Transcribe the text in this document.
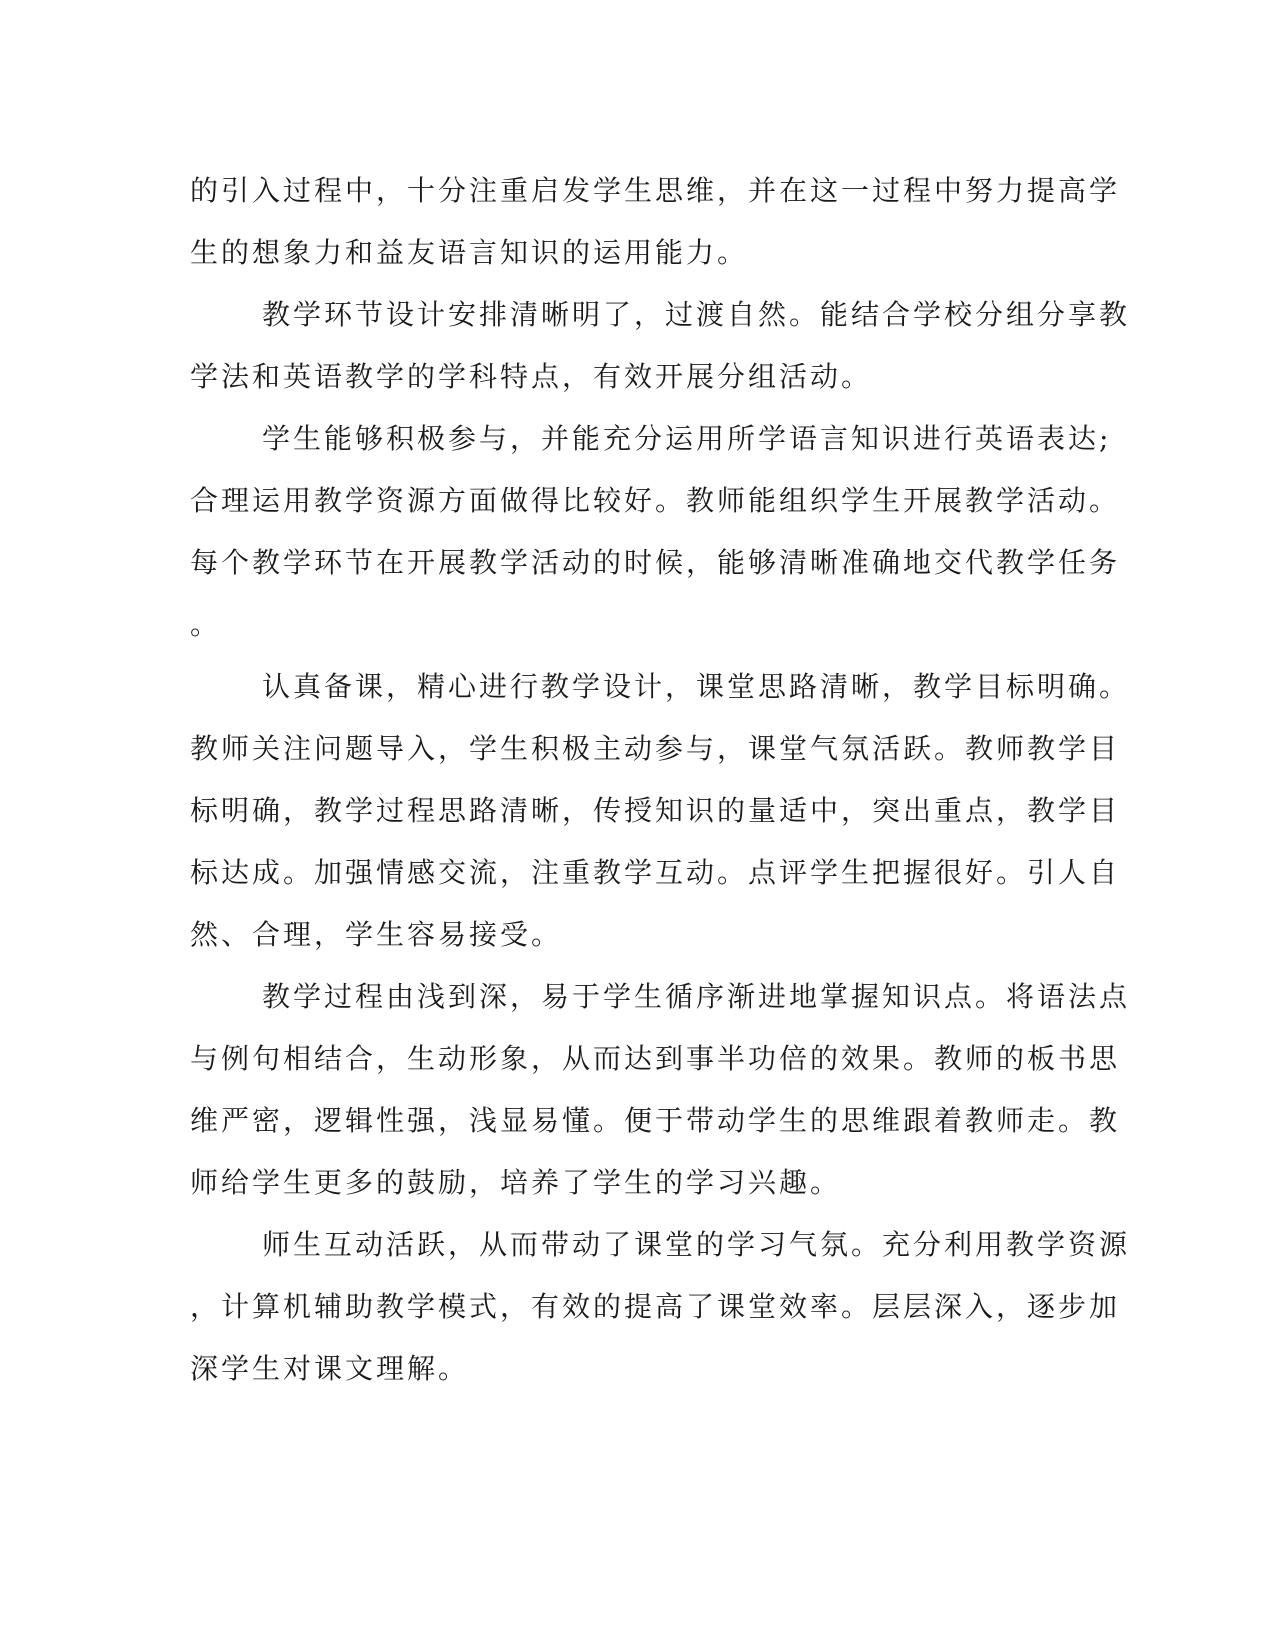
的引入过程中，十分注重启发学生思维，并在这一过程中努力提高学
生的想象力和益友语言知识的运用能力。
教学环节设计安排清晰明了，过渡自然。能结合学校分组分享教
学法和英语教学的学科特点，有效开展分组活动。
学生能够积极参与，并能充分运用所学语言知识进行英语表达;
合理运用教学资源方面做得比较好。教师能组织学生开展教学活动。
每个教学环节在开展教学活动的时候，能够清晰准确地交代教学任务
。
认真备课，精心进行教学设计，课堂思路清晰，教学目标明确。
教师关注问题导入，学生积极主动参与，课堂气氛活跃。教师教学目
标明确，教学过程思路清晰，传授知识的量适中，突出重点，教学目
标达成。加强情感交流，注重教学互动。点评学生把握很好。引人自
然、合理，学生容易接受。
教学过程由浅到深，易于学生循序渐进地掌握知识点。将语法点
与例句相结合，生动形象，从而达到事半功倍的效果。教师的板书思
维严密，逻辑性强，浅显易懂。便于带动学生的思维跟着教师走。教
师给学生更多的鼓励，培养了学生的学习兴趣。
师生互动活跃，从而带动了课堂的学习气氛。充分利用教学资源
，计算机辅助教学模式，有效的提高了课堂效率。层层深入，逐步加
深学生对课文理解。
